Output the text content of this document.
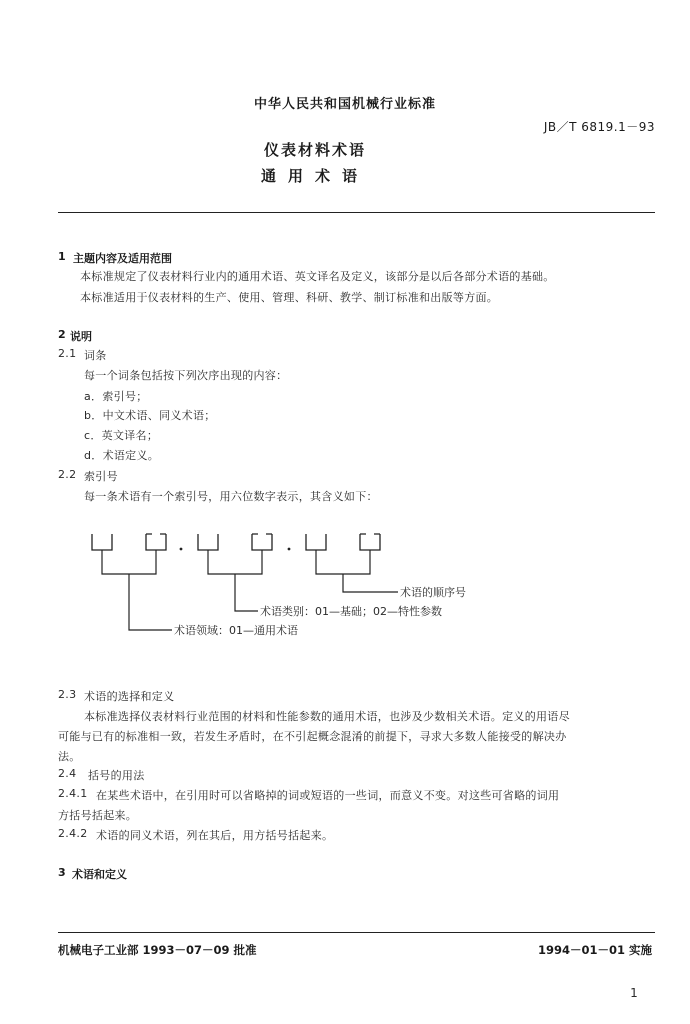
中华人民共和国机械行业标准
JB／T 6819.1－93
仪表材料术语
通用术语
1 主题内容及适用范围
本标准规定了仪表材料行业内的通用术语、英文译名及定义，该部分是以后各部分术语的基础。
本标准适用于仪表材料的生产、使用、管理、科研、教学、制订标准和出版等方面。
2 说明
2.1 词条
每一个词条包括按下列次序出现的内容：
a．索引号；
b．中文术语、同义术语；
c．英文译名；
d．术语定义。
2.2 索引号
每一条术语有一个索引号，用六位数字表示，其含义如下：
术语的顺序号
术语类别：01—基础；02—特性参数
术语领域：01—通用术语
2.3 术语的选择和定义
本标准选择仪表材料行业范围的材料和性能参数的通用术语，也涉及少数相关术语。定义的用语尽
可能与已有的标准相一致，若发生矛盾时，在不引起概念混淆的前提下，寻求大多数人能接受的解决办
法。
2.4 括号的用法
2.4.1 在某些术语中，在引用时可以省略掉的词或短语的一些词，而意义不变。对这些可省略的词用
方括号括起来。
2.4.2 术语的同义术语，列在其后，用方括号括起来。
3 术语和定义
机械电子工业部 1993－07－09 批准	1994－01－01 实施
1
